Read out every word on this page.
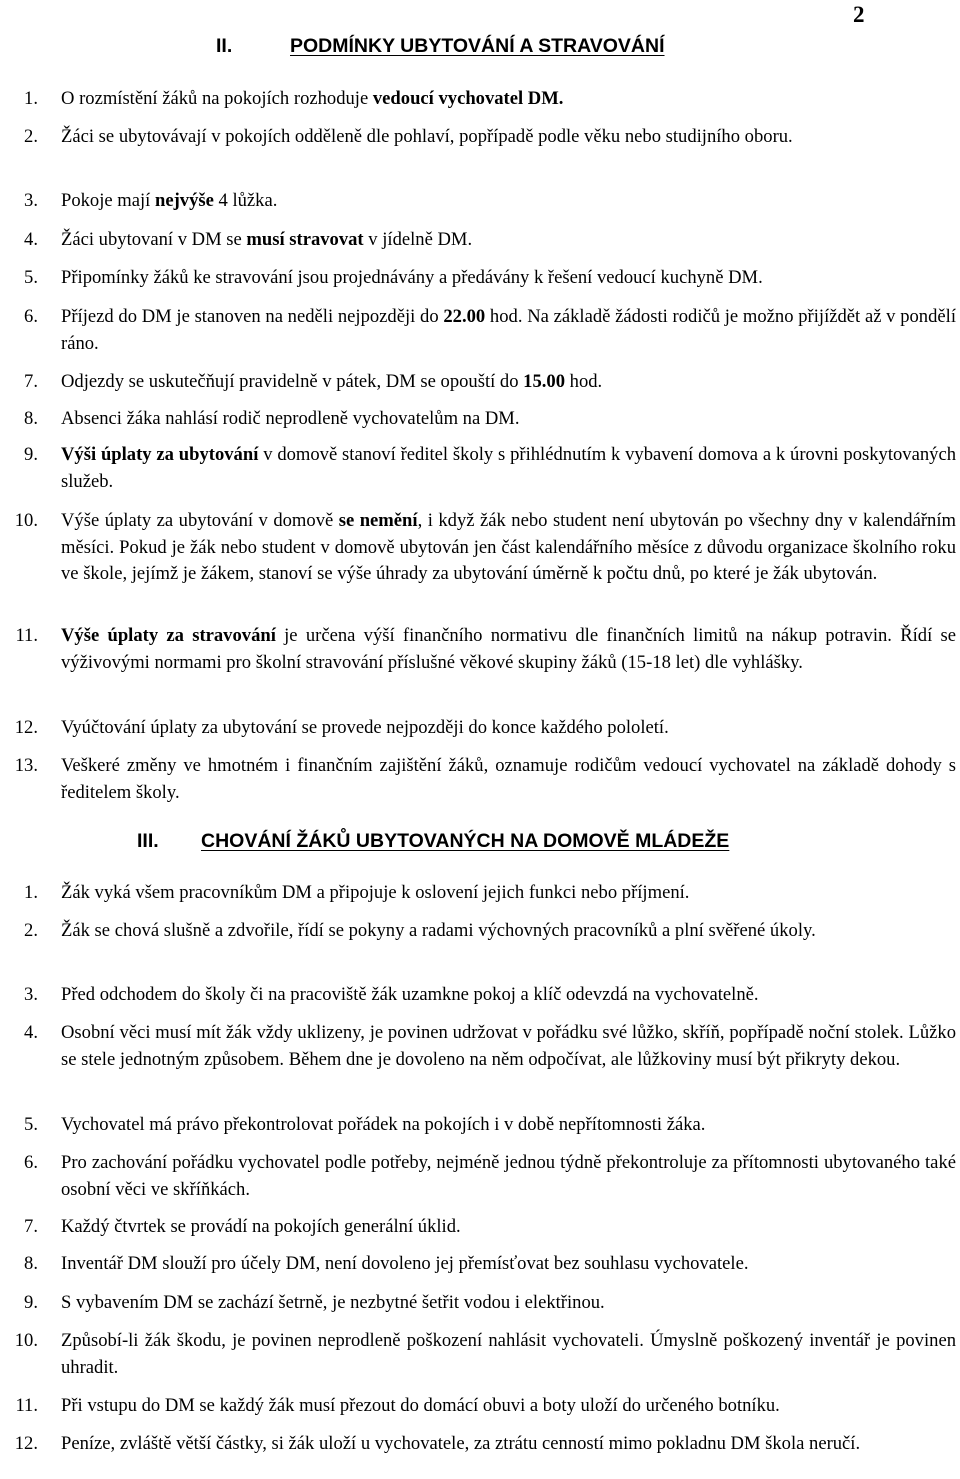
2
II.	PODMÍNKY UBYTOVÁNÍ A STRAVOVÁNÍ
1. O rozmístění žáků na pokojích rozhoduje vedoucí vychovatel DM.
2. Žáci se ubytovávají v pokojích odděleně dle pohlaví, popřípadě podle věku nebo studijního oboru.
3. Pokoje mají nejvýše 4 lůžka.
4. Žáci ubytovaní v DM se musí stravovat v jídelně DM.
5. Připomínky žáků ke stravování jsou projednávány a předávány k řešení vedoucí kuchyně DM.
6. Příjezd do DM je stanoven na neděli nejpozději do 22.00 hod. Na základě žádosti rodičů je možno přijíždět až v pondělí ráno.
7. Odjezdy se uskutečňují pravidelně v pátek, DM se opouští do 15.00 hod.
8. Absenci žáka nahlásí rodič neprodleně vychovatelům na DM.
9. Výši úplaty za ubytování v domově stanoví ředitel školy s přihlédnutím k vybavení domova a k úrovni poskytovaných služeb.
10. Výše úplaty za ubytování v domově se nemění, i když žák nebo student není ubytován po všechny dny v kalendářním měsíci. Pokud je žák nebo student v domově ubytován jen část kalendářního měsíce z důvodu organizace školního roku ve škole, jejímž je žákem, stanoví se výše úhrady za ubytování úměrně k počtu dnů, po které je žák ubytován.
11. Výše úplaty za stravování je určena výší finančního normativu dle finančních limitů na nákup potravin. Řídí se výživovými normami pro školní stravování příslušné věkové skupiny žáků (15-18 let) dle vyhlášky.
12. Vyúčtování úplaty za ubytování se provede nejpozději do konce každého pololetí.
13. Veškeré změny ve hmotném i finančním zajištění žáků, oznamuje rodičům vedoucí vychovatel na základě dohody s ředitelem školy.
III. CHOVÁNÍ ŽÁKŮ UBYTOVANÝCH NA DOMOVĚ MLÁDEŽE
1. Žák vyká všem pracovníkům DM a připojuje k oslovení jejich funkci nebo příjmení.
2. Žák se chová slušně a zdvořile, řídí se pokyny a radami výchovných pracovníků a plní svěřené úkoly.
3. Před odchodem do školy či na pracoviště žák uzamkne pokoj a klíč odevzdá na vychovatelně.
4. Osobní věci musí mít žák vždy uklizeny, je povinen udržovat v pořádku své lůžko, skříň, popřípadě noční stolek. Lůžko se stele jednotným způsobem. Během dne je dovoleno na něm odpočívat, ale lůžkoviny musí být přikryty dekou.
5. Vychovatel má právo překontrolovat pořádek na pokojích i v době nepřítomnosti žáka.
6. Pro zachování pořádku vychovatel podle potřeby, nejméně jednou týdně překontroluje za přítomnosti ubytovaného také osobní věci ve skříňkách.
7. Každý čtvrtek se provádí na pokojích generální úklid.
8. Inventář DM slouží pro účely DM, není dovoleno jej přemísťovat bez souhlasu vychovatele.
9. S vybavením DM se zachází šetrně, je nezbytné šetřit vodou i elektřinou.
10. Způsobí-li žák škodu, je povinen neprodleně poškození nahlásit vychovateli. Úmyslně poškozený inventář je povinen uhradit.
11. Při vstupu do DM se každý žák musí přezout do domácí obuvi a boty uloží do určeného botníku.
12. Peníze, zvláště větší částky, si žák uloží u vychovatele, za ztrátu cenností mimo pokladnu DM škola neručí.
